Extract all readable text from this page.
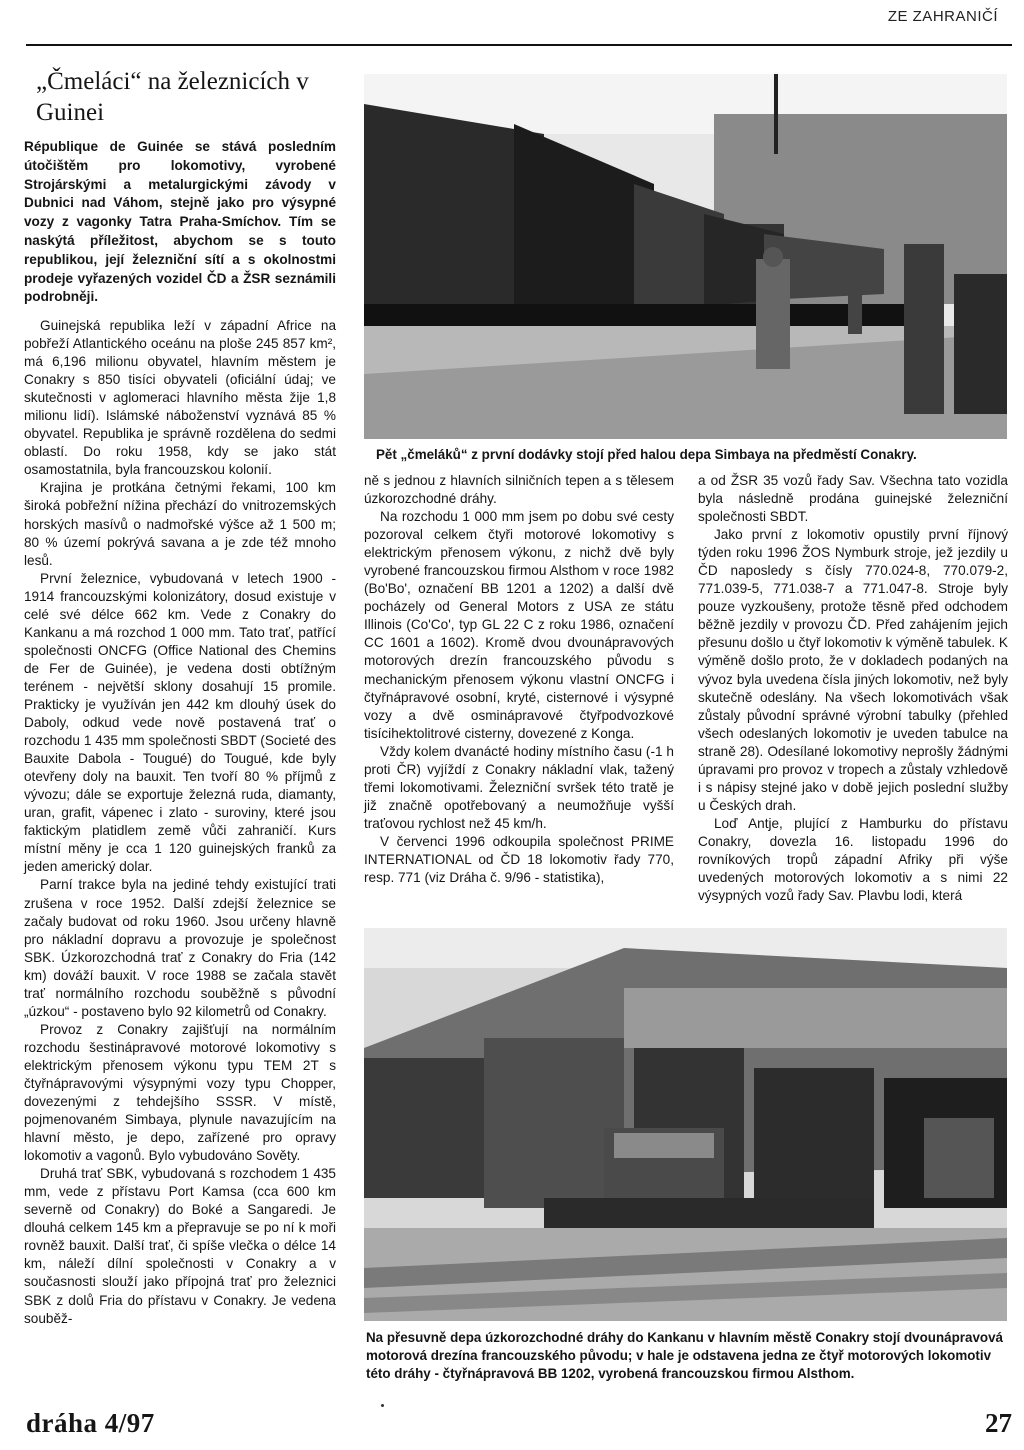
ZE ZAHRANIČÍ
„Čmeláci“ na železnicích v Guinei
République de Guinée se stává posledním útočištěm pro lokomotivy, vyrobené Strojárskými a metalurgickými závody v Dubnici nad Váhom, stejně jako pro výsypné vozy z vagonky Tatra Praha-Smíchov. Tím se naskýtá příležitost, abychom se s touto republikou, její železniční sítí a s okolnostmi prodeje vyřazených vozidel ČD a ŽSR seznámili podrobněji.

Guinejská republika leží v západní Africe na pobřeží Atlantického oceánu na ploše 245 857 km², má 6,196 milionu obyvatel, hlavním městem je Conakry s 850 tisíci obyvateli (oficiální údaj; ve skutečnosti v aglomeraci hlavního města žije 1,8 milionu lidí). Islámské náboženství vyznává 85 % obyvatel. Republika je správně rozdělena do sedmi oblastí. Do roku 1958, kdy se jako stát osamostatnila, byla francouzskou kolonií.

Krajina je protkána četnými řekami, 100 km široká pobřežní nížina přechází do vnitrozemských horských masívů o nadmořské výšce až 1 500 m; 80 % území pokrývá savana a je zde též mnoho lesů.

První železnice, vybudovaná v letech 1900 - 1914 francouzskými kolonizátory, dosud existuje v celé své délce 662 km. Vede z Conakry do Kankanu a má rozchod 1 000 mm. Tato trať, patřící společnosti ONCFG (Office National des Chemins de Fer de Guinée), je vedena dosti obtížným terénem - největší sklony dosahují 15 promile. Prakticky je využíván jen 442 km dlouhý úsek do Daboly, odkud vede nově postavená trať o rozchodu 1 435 mm společnosti SBDT (Societé des Bauxite Dabola - Tougué) do Tougué, kde byly otevřeny doly na bauxit. Ten tvoří 80 % příjmů z vývozu; dále se exportuje železná ruda, diamanty, uran, grafit, vápenec i zlato - suroviny, které jsou faktickým platidlem země vůči zahraničí. Kurs místní měny je cca 1 120 guinejských franků za jeden americký dolar.

Parní trakce byla na jediné tehdy existující trati zrušena v roce 1952. Další zdejší železnice se začaly budovat od roku 1960. Jsou určeny hlavně pro nákladní dopravu a provozuje je společnost SBK. Úzkorozchodná trať z Conakry do Fria (142 km) dováží bauxit. V roce 1988 se začala stavět trať normálního rozchodu souběžně s původní „úzkou“ - postaveno bylo 92 kilometrů od Conakry.

Provoz z Conakry zajišťují na normálním rozchodu šestinápravové motorové lokomotivy s elektrickým přenosem výkonu typu TEM 2T s čtyřnápravovými výsypnými vozy typu Chopper, dovezenými z tehdejšího SSSR. V místě, pojmenovaném Simbaya, plynule navazujícím na hlavní město, je depo, zařízené pro opravy lokomotiv a vagonů. Bylo vybudováno Sověty.

Druhá trať SBK, vybudovaná s rozchodem 1 435 mm, vede z přístavu Port Kamsa (cca 600 km severně od Conakry) do Boké a Sangaredi. Je dlouhá celkem 145 km a přepravuje se po ní k moři rovněž bauxit. Další trať, či spíše vlečka o délce 14 km, náleží dílní společnosti v Conakry a v současnosti slouží jako přípojná trať pro železnici SBK z dolů Fria do přístavu v Conakry. Je vedena souběž-

Pět „čmeláků“ z první dodávky stojí před halou depa Simbaya na předměstí Conakry.

ně s jednou z hlavních silničních tepen a s tělesem úzkorozchodné dráhy.

Na rozchodu 1 000 mm jsem po dobu své cesty pozoroval celkem čtyři motorové lokomotivy s elektrickým přenosem výkonu, z nichž dvě byly vyrobené francouzskou firmou Alsthom v roce 1982 (Bo'Bo', označení BB 1201 a 1202) a další dvě pocházely od General Motors z USA ze státu Illinois (Co'Co', typ GL 22 C z roku 1986, označení CC 1601 a 1602). Kromě dvou dvounápravových motorových drezín francouzského původu s mechanickým přenosem výkonu vlastní ONCFG i čtyřnápravové osobní, kryté, cisternové i výsypné vozy a dvě osminápravové čtyřpodvozkové tisícihektolitrové cisterny, dovezené z Konga.

Vždy kolem dvanácté hodiny místního času (-1 h proti ČR) vyjíždí z Conakry nákladní vlak, tažený třemi lokomotivami. Železniční svršek této tratě je již značně opotřebovaný a neumožňuje vyšší traťovou rychlost než 45 km/h.

V červenci 1996 odkoupila společnost PRIME INTERNATIONAL od ČD 18 lokomotiv řady 770, resp. 771 (viz Dráha č. 9/96 - statistika),

a od ŽSR 35 vozů řady Sav. Všechna tato vozidla byla následně prodána guinejské železniční společnosti SBDT.

Jako první z lokomotiv opustily první říjnový týden roku 1996 ŽOS Nymburk stroje, jež jezdily u ČD naposledy s čísly 770.024-8, 770.079-2, 771.039-5, 771.038-7 a 771.047-8. Stroje byly pouze vyzkoušeny, protože těsně před odchodem běžně jezdily v provozu ČD. Před zahájením jejich přesunu došlo u čtyř lokomotiv k výměně tabulek. K výměně došlo proto, že v dokladech podaných na vývoz byla uvedena čísla jiných lokomotiv, než byly skutečně odeslány. Na všech lokomotivách však zůstaly původní správné výrobní tabulky (přehled všech odeslaných lokomotiv je uveden tabulce na straně 28). Odesílané lokomotivy neprošly žádnými úpravami pro provoz v tropech a zůstaly vzhledově i s nápisy stejné jako v době jejich poslední služby u Českých drah.

Loď Antje, plující z Hamburku do přístavu Conakry, dovezla 16. listopadu 1996 do rovníkových tropů západní Afriky při výše uvedených motorových lokomotiv a s nimi 22 výsypných vozů řady Sav. Plavbu lodi, která

Na přesuvně depa úzkorozchodné dráhy do Kankanu v hlavním městě Conakry stojí dvounápravová motorová drezína francouzského původu; v hale je odstavena jedna ze čtyř motorových lokomotiv této dráhy - čtyřnápravová BB 1202, vyrobená francouzskou firmou Alsthom.
dráha 4/97	27
